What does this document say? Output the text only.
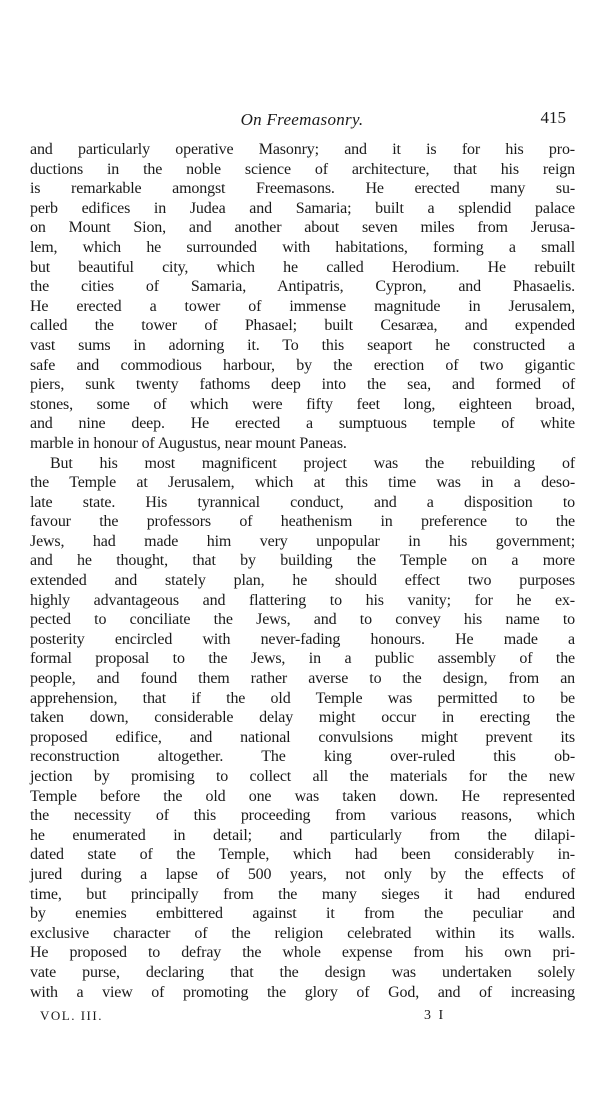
On Freemasonry.	415
and particularly operative Masonry; and it is for his pro-
ductions in the noble science of architecture, that his reign
is remarkable amongst Freemasons. He erected many su-
perb edifices in Judea and Samaria; built a splendid palace
on Mount Sion, and another about seven miles from Jerusa-
lem, which he surrounded with habitations, forming a small
but beautiful city, which he called Herodium. He rebuilt
the cities of Samaria, Antipatris, Cypron, and Phasaelis.
He erected a tower of immense magnitude in Jerusalem,
called the tower of Phasael; built Cesaræa, and expended
vast sums in adorning it. To this seaport he constructed a
safe and commodious harbour, by the erection of two gigantic
piers, sunk twenty fathoms deep into the sea, and formed of
stones, some of which were fifty feet long, eighteen broad,
and nine deep. He erected a sumptuous temple of white
marble in honour of Augustus, near mount Paneas.
But his most magnificent project was the rebuilding of
the Temple at Jerusalem, which at this time was in a deso-
late state. His tyrannical conduct, and a disposition to
favour the professors of heathenism in preference to the
Jews, had made him very unpopular in his government;
and he thought, that by building the Temple on a more
extended and stately plan, he should effect two purposes
highly advantageous and flattering to his vanity; for he ex-
pected to conciliate the Jews, and to convey his name to
posterity encircled with never-fading honours. He made a
formal proposal to the Jews, in a public assembly of the
people, and found them rather averse to the design, from an
apprehension, that if the old Temple was permitted to be
taken down, considerable delay might occur in erecting the
proposed edifice, and national convulsions might prevent its
reconstruction altogether. The king over-ruled this ob-
jection by promising to collect all the materials for the new
Temple before the old one was taken down. He represented
the necessity of this proceeding from various reasons, which
he enumerated in detail; and particularly from the dilapi-
dated state of the Temple, which had been considerably in-
jured during a lapse of 500 years, not only by the effects of
time, but principally from the many sieges it had endured
by enemies embittered against it from the peculiar and
exclusive character of the religion celebrated within its walls.
He proposed to defray the whole expense from his own pri-
vate purse, declaring that the design was undertaken solely
with a view of promoting the glory of God, and of increasing
VOL. III.	3 I
